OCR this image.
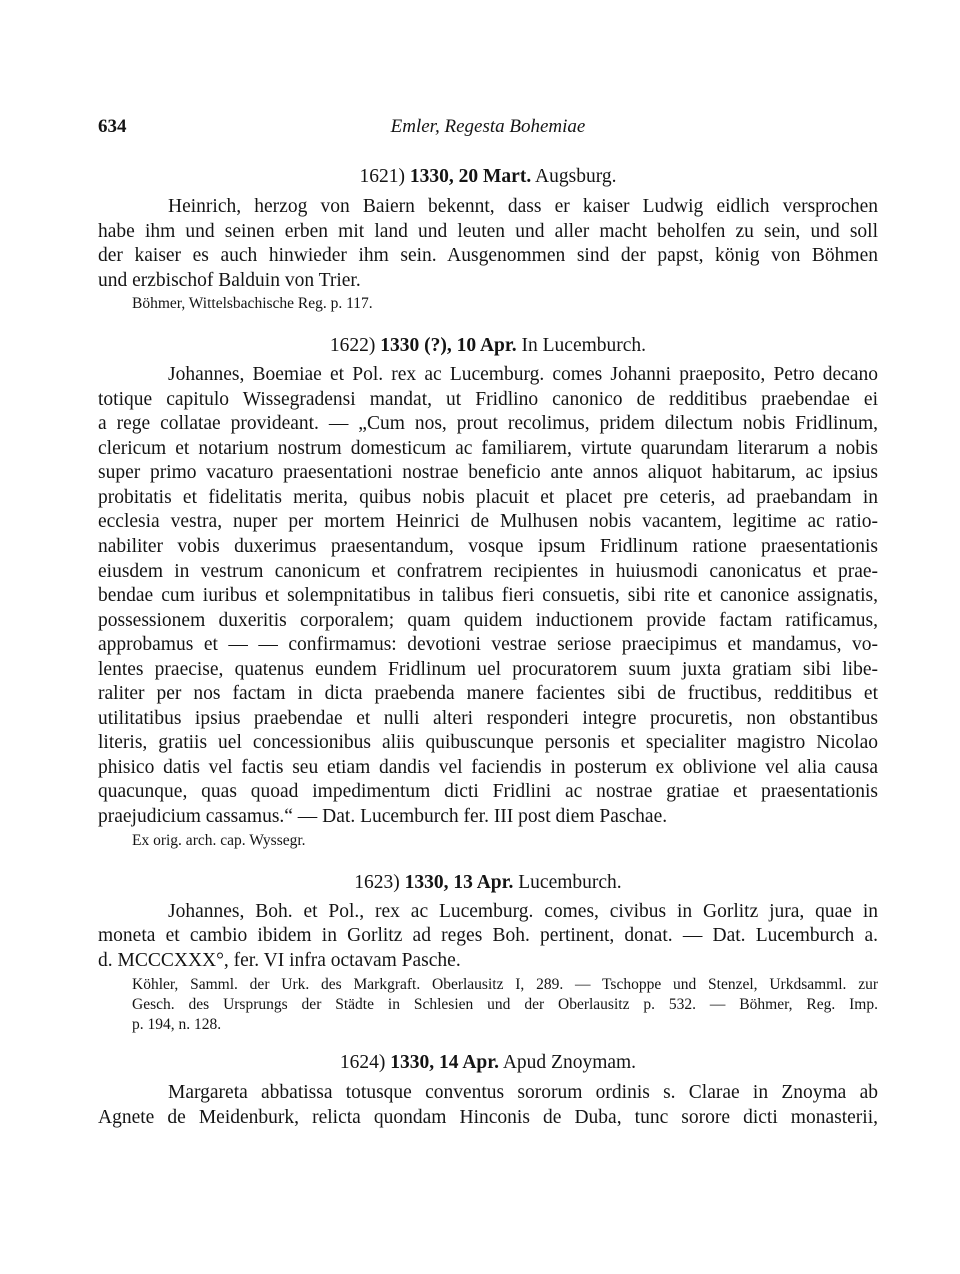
634	Emler, Regesta Bohemiae
1621) 1330, 20 Mart. Augsburg.
Heinrich, herzog von Baiern bekennt, dass er kaiser Ludwig eidlich versprochen
habe ihm und seinen erben mit land und leuten und aller macht beholfen zu sein, und soll
der kaiser es auch hinwieder ihm sein. Ausgenommen sind der papst, könig von Böhmen
und erzbischof Balduin von Trier.
Böhmer, Wittelsbachische Reg. p. 117.
1622) 1330 (?), 10 Apr. In Lucemburch.
Johannes, Boemiae et Pol. rex ac Lucemburg. comes Johanni praeposito, Petro decano
totique capitulo Wissegradensi mandat, ut Fridlino canonico de redditibus praebendae ei
a rege collatae provideant. — „Cum nos, prout recolimus, pridem dilectum nobis Fridlinum,
clericum et notarium nostrum domesticum ac familiarem, virtute quarundam literarum a nobis
super primo vacaturo praesentationi nostrae beneficio ante annos aliquot habitarum, ac ipsius
probitatis et fidelitatis merita, quibus nobis placuit et placet pre ceteris, ad praebandam in
ecclesia vestra, nuper per mortem Heinrici de Mulhusen nobis vacantem, legitime ac ratio-
nabiliter vobis duxerimus praesentandum, vosque ipsum Fridlinum ratione praesentationis
eiusdem in vestrum canonicum et confratrem recipientes in huiusmodi canonicatus et prae-
bendae cum iuribus et solempnitatibus in talibus fieri consuetis, sibi rite et canonice assignatis,
possessionem duxeritis corporalem; quam quidem inductionem provide factam ratificamus,
approbamus et — — confirmamus: devotioni vestrae seriose praecipimus et mandamus, vo-
lentes praecise, quatenus eundem Fridlinum uel procuratorem suum juxta gratiam sibi libe-
raliter per nos factam in dicta praebenda manere facientes sibi de fructibus, redditibus et
utilitatibus ipsius praebendae et nulli alteri responderi integre procuretis, non obstantibus
literis, gratiis uel concessionibus aliis quibuscunque personis et specialiter magistro Nicolao
phisico datis vel factis seu etiam dandis vel faciendis in posterum ex oblivione vel alia causa
quacunque, quas quoad impedimentum dicti Fridlini ac nostrae gratiae et praesentationis
praejudicium cassamus.“ — Dat. Lucemburch fer. III post diem Paschae.
Ex orig. arch. cap. Wyssegr.
1623) 1330, 13 Apr. Lucemburch.
Johannes, Boh. et Pol., rex ac Lucemburg. comes, civibus in Gorlitz jura, quae in
moneta et cambio ibidem in Gorlitz ad reges Boh. pertinent, donat. — Dat. Lucemburch a.
d. MCCCXXX°, fer. VI infra octavam Pasche.
Köhler, Samml. der Urk. des Markgraft. Oberlausitz I, 289. — Tschoppe und Stenzel, Urkdsamml. zur
Gesch. des Ursprungs der Städte in Schlesien und der Oberlausitz p. 532. — Böhmer, Reg. Imp.
p. 194, n. 128.
1624) 1330, 14 Apr. Apud Znoymam.
Margareta abbatissa totusque conventus sororum ordinis s. Clarae in Znoyma ab
Agnete de Meidenburk, relicta quondam Hinconis de Duba, tunc sorore dicti monasterii,
